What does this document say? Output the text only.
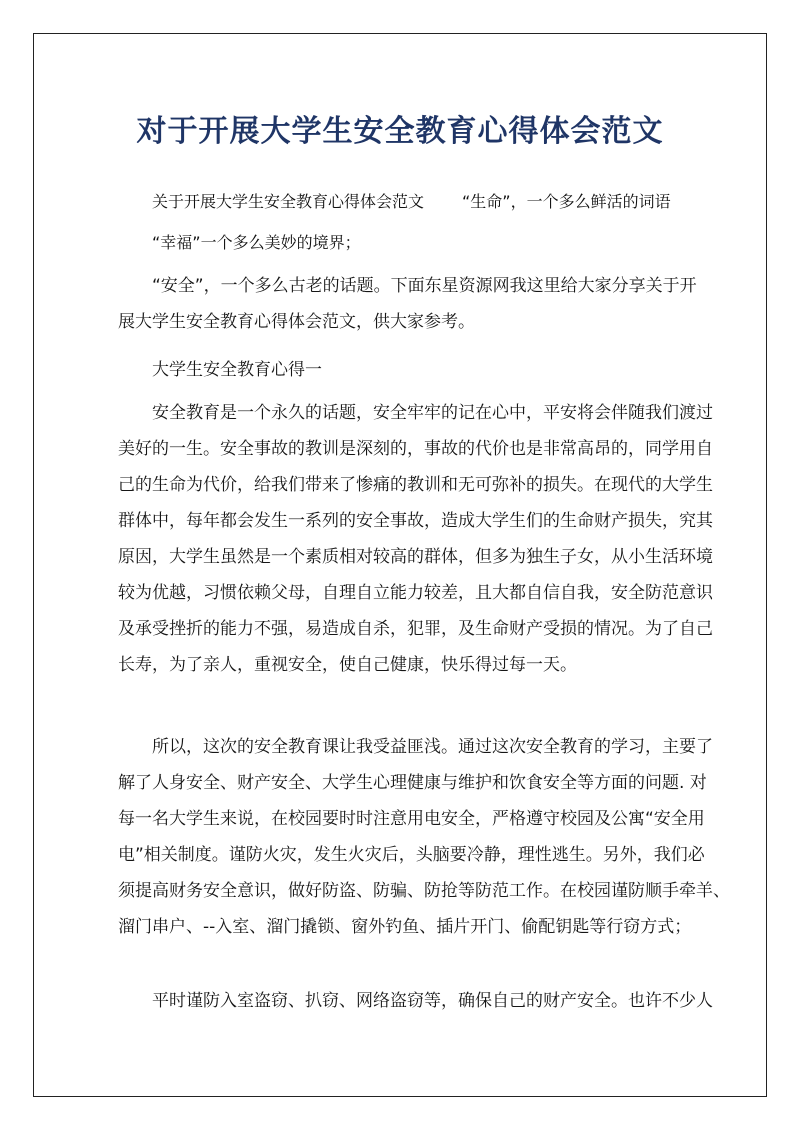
对于开展大学生安全教育心得体会范文
关于开展大学生安全教育心得体会范文 “生命”，一个多么鲜活的词语
“幸福”一个多么美妙的境界；
“安全”，一个多么古老的话题。下面东星资源网我这里给大家分享关于开
展大学生安全教育心得体会范文，供大家参考。
大学生安全教育心得一
安全教育是一个永久的话题，安全牢牢的记在心中，平安将会伴随我们渡过
美好的一生。安全事故的教训是深刻的，事故的代价也是非常高昂的，同学用自
己的生命为代价，给我们带来了惨痛的教训和无可弥补的损失。在现代的大学生
群体中，每年都会发生一系列的安全事故，造成大学生们的生命财产损失，究其
原因，大学生虽然是一个素质相对较高的群体，但多为独生子女，从小生活环境
较为优越，习惯依赖父母，自理自立能力较差，且大都自信自我，安全防范意识
及承受挫折的能力不强，易造成自杀，犯罪，及生命财产受损的情况。为了自己
长寿，为了亲人，重视安全，使自己健康，快乐得过每一天。
所以，这次的安全教育课让我受益匪浅。通过这次安全教育的学习，主要了
解了人身安全、财产安全、大学生心理健康与维护和饮食安全等方面的问题. 对
每一名大学生来说，在校园要时时注意用电安全，严格遵守校园及公寓“安全用
电”相关制度。谨防火灾，发生火灾后，头脑要冷静，理性逃生。另外，我们必
须提高财务安全意识，做好防盗、防骗、防抢等防范工作。在校园谨防顺手牵羊、
溜门串户、--入室、溜门撬锁、窗外钓鱼、插片开门、偷配钥匙等行窃方式；
平时谨防入室盗窃、扒窃、网络盗窃等，确保自己的财产安全。也许不少人
